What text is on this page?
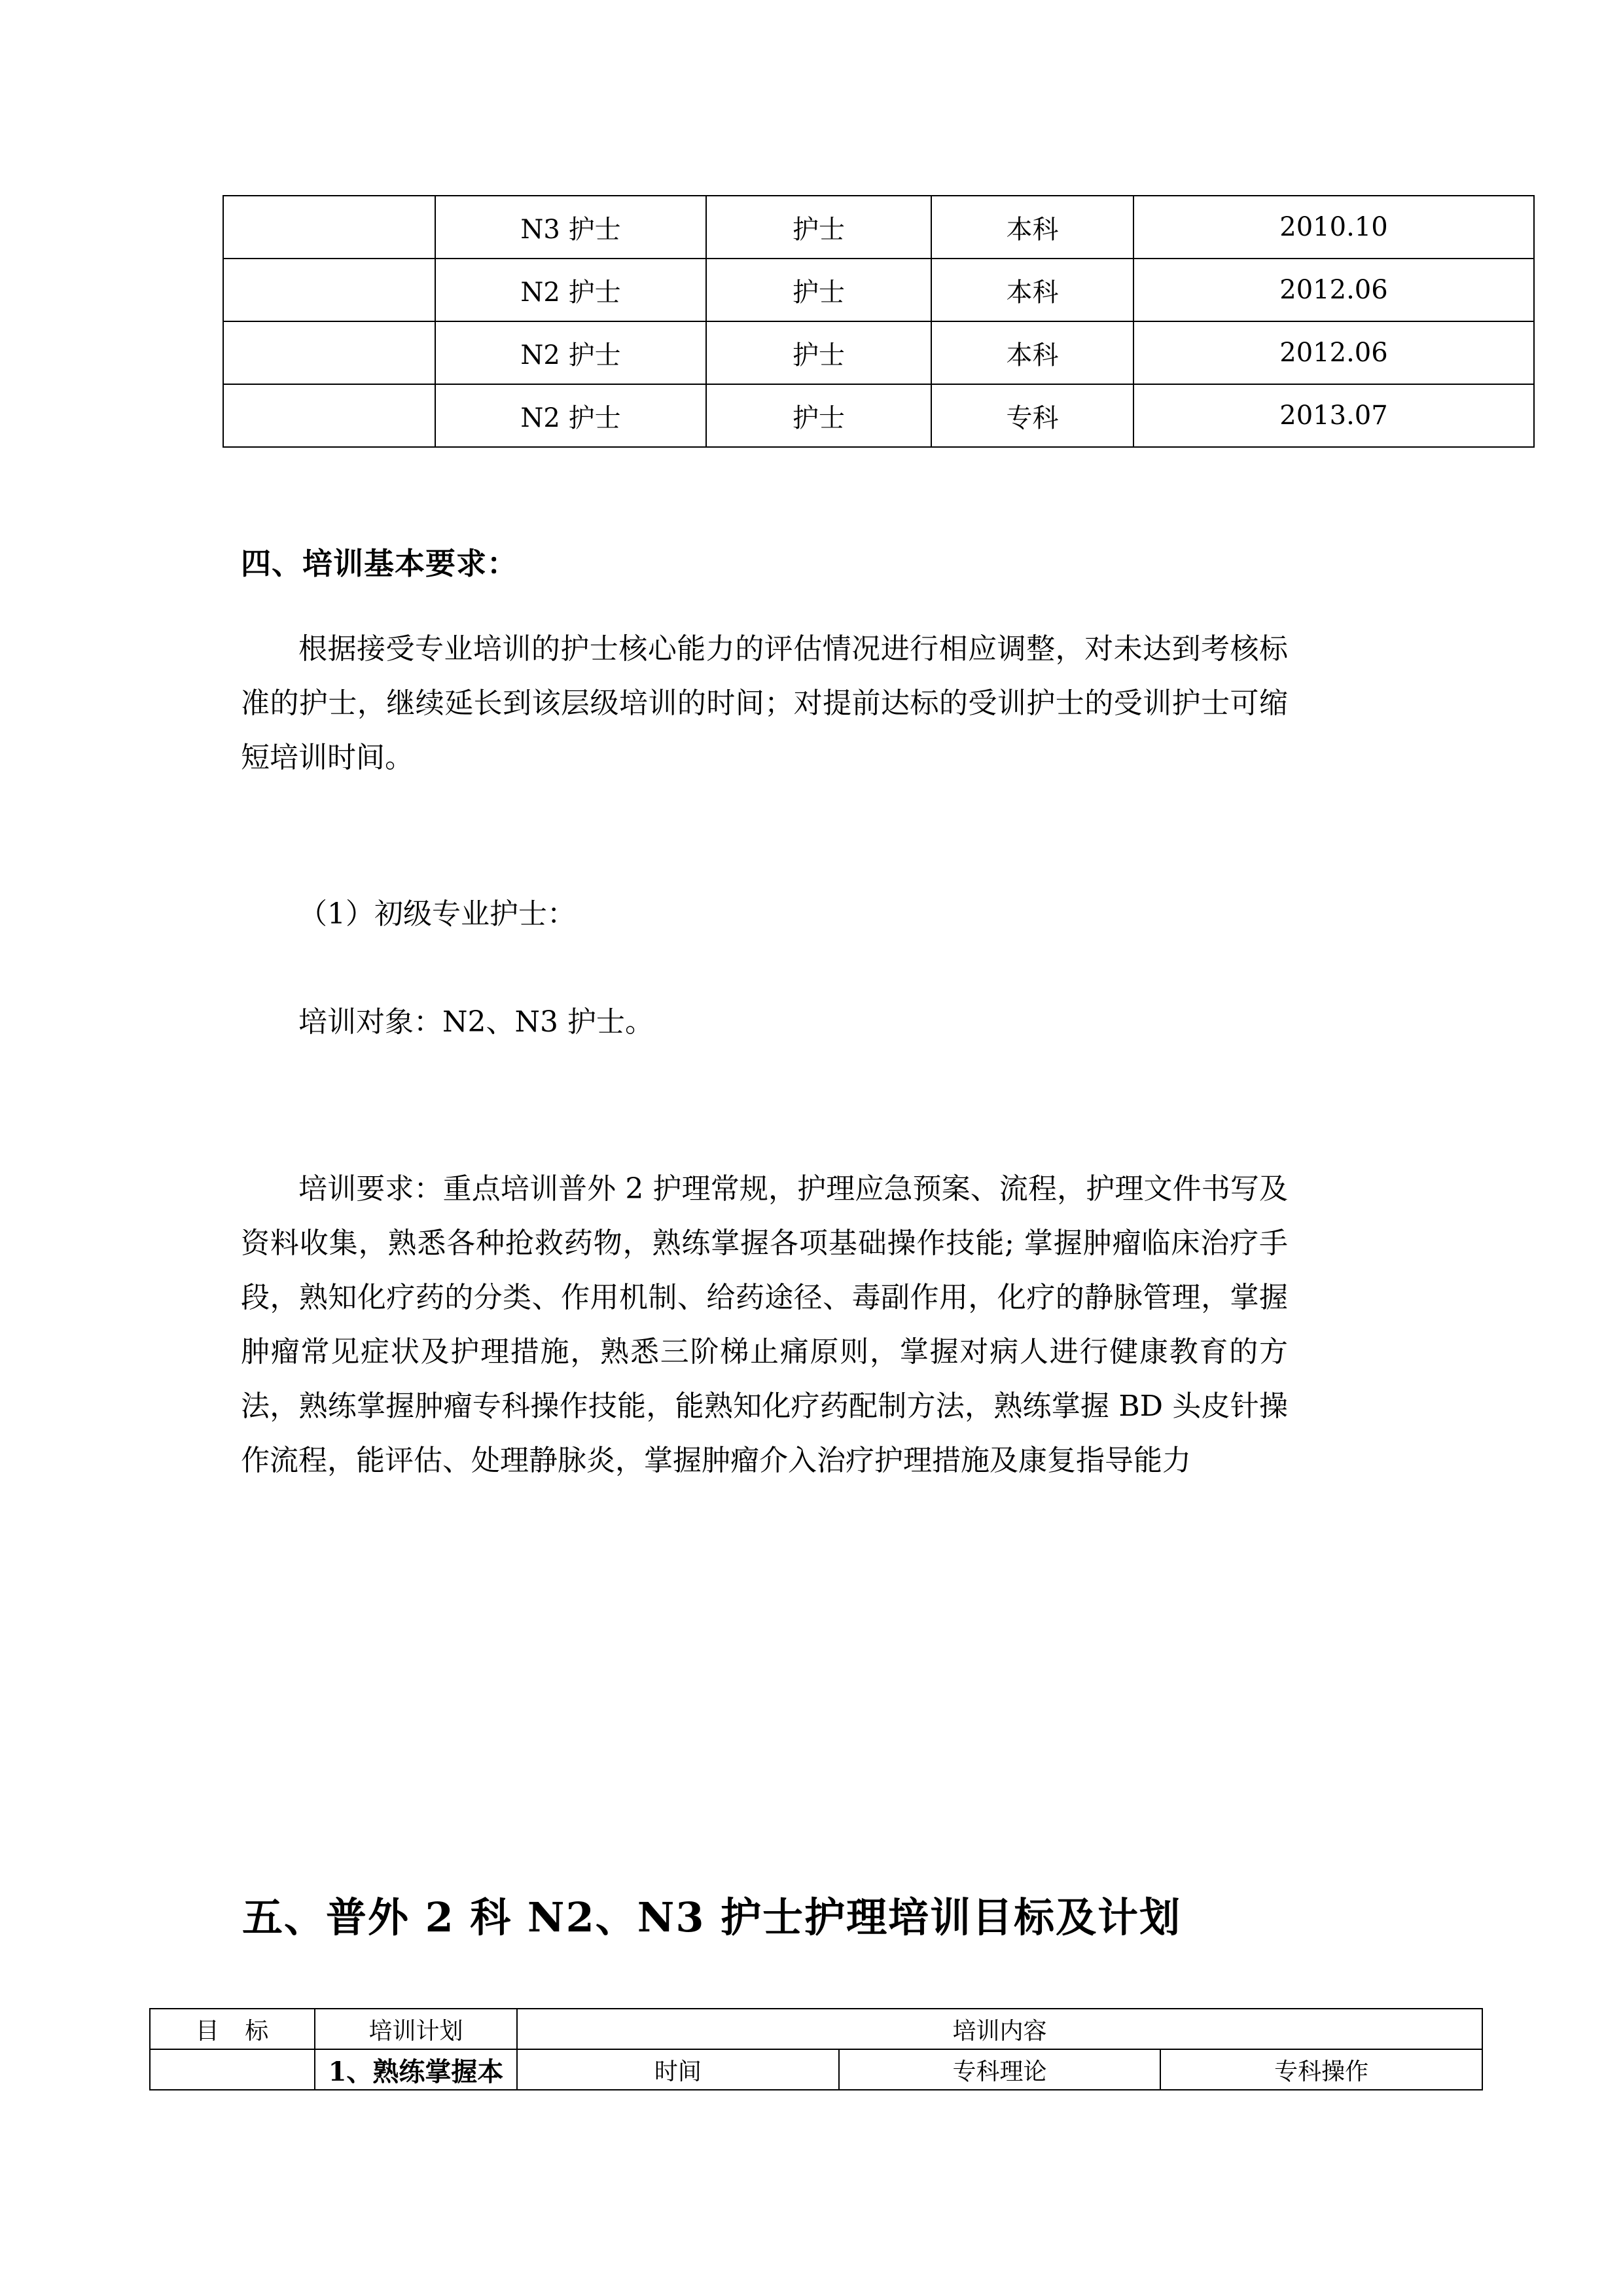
	N3 护士	护士	本科	2010.10
	N2 护士	护士	本科	2012.06
	N2 护士	护士	本科	2012.06
	N2 护士	护士	专科	2013.07
四、培训基本要求：

根据接受专业培训的护士核心能力的评估情况进行相应调整，对未达到考核标准的护士，继续延长到该层级培训的时间；对提前达标的受训护士的受训护士可缩短培训时间。

（1）初级专业护士：

培训对象：N2、N3 护士。

培训要求：重点培训普外 2 护理常规，护理应急预案、流程，护理文件书写及资料收集，熟悉各种抢救药物，熟练掌握各项基础操作技能; 掌握肿瘤临床治疗手段，熟知化疗药的分类、作用机制、给药途径、毒副作用，化疗的静脉管理，掌握肿瘤常见症状及护理措施，熟悉三阶梯止痛原则，掌握对病人进行健康教育的方法，熟练掌握肿瘤专科操作技能，能熟知化疗药配制方法，熟练掌握 BD 头皮针操作流程，能评估、处理静脉炎，掌握肿瘤介入治疗护理措施及康复指导能力

五、普外 2 科 N2、N3 护士护理培训目标及计划
目 标	培训计划	培训内容		
	1、熟练掌握本	时间	专科理论	专科操作
